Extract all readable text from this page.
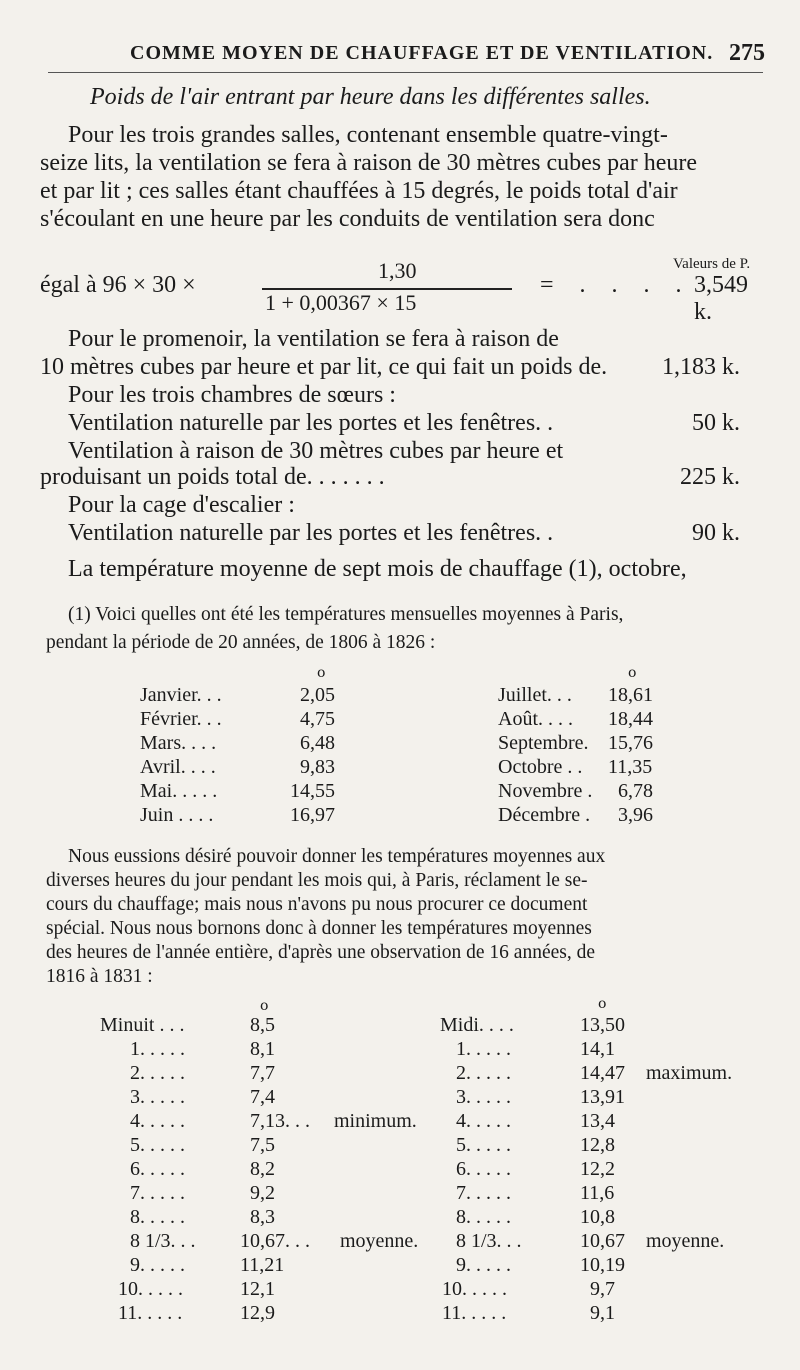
COMME MOYEN DE CHAUFFAGE ET DE VENTILATION. 275
Poids de l'air entrant par heure dans les différentes salles.
Pour les trois grandes salles, contenant ensemble quatre-vingt-
seize lits, la ventilation se fera à raison de 30 mètres cubes par heure
et par lit ; ces salles étant chauffées à 15 degrés, le poids total d'air
s'écoulant en une heure par les conduits de ventilation sera donc
égal à 96 × 30 ×
1,30
1 + 0,00367 × 15
= . . . .
Valeurs de P.
3,549 k.
Pour le promenoir, la ventilation se fera à raison de
10 mètres cubes par heure et par lit, ce qui fait un poids de. 1,183 k.
Pour les trois chambres de sœurs :
Ventilation naturelle par les portes et les fenêtres. .	50 k.
Ventilation à raison de 30 mètres cubes par heure et
produisant un poids total de. . . . . . .	225 k.
Pour la cage d'escalier :
Ventilation naturelle par les portes et les fenêtres. .	90 k.
La température moyenne de sept mois de chauffage (1), octobre,
(1) Voici quelles ont été les températures mensuelles moyennes à Paris,
pendant la période de 20 années, de 1806 à 1826 :
o	o
Janvier. . .	2,05	Juillet. . . 18,61
Février. . .	4,75	Août. . . . 18,44
Mars. . . .	6,48	Septembre. 15,76
Avril. . . .	9,83	Octobre . . 11,35
Mai. . . . .	14,55	Novembre . 6,78
Juin . . . .	16,97	Décembre . 3,96
Nous eussions désiré pouvoir donner les températures moyennes aux
diverses heures du jour pendant les mois qui, à Paris, réclament le se-
cours du chauffage; mais nous n'avons pu nous procurer ce document
spécial. Nous nous bornons donc à donner les températures moyennes
des heures de l'année entière, d'après une observation de 16 années, de
1816 à 1831 :
o	o
Minuit . . .	8,5	Midi. . . .	13,50
1. . . . .	8,1	1. . . . .	14,1
2. . . . .	7,7	2. . . . .	14,47 maximum.
3. . . . .	7,4	3. . . . .	13,91
4. . . . .	7,13. . . minimum. 4. . . . .	13,4
5. . . . .	7,5	5. . . . .	12,8
6. . . . .	8,2	6. . . . .	12,2
7. . . . .	9,2	7. . . . .	11,6
8. . . . .	8,3	8. . . . .	10,8
8 1/3. . . 10,67. . . moyenne. 8 1/3. . .	10,67 moyenne.
9. . . . .	11,21	9. . . . .	10,19
10. . . . .	12,1	10. . . . .	9,7
11. . . . .	12,9	11. . . . .	9,1
